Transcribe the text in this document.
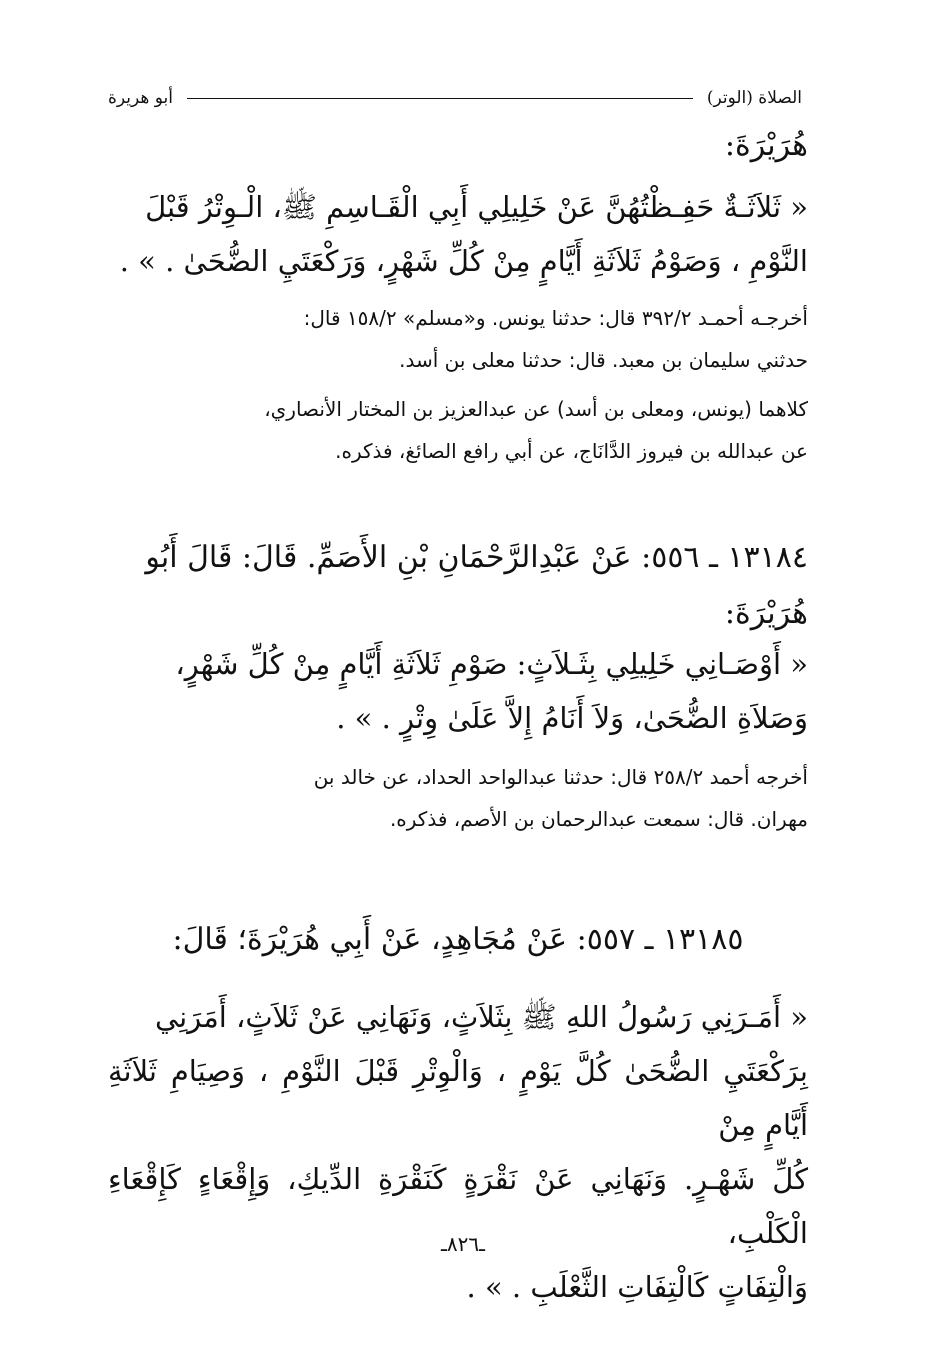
الصلاة (الوتر)
أبو هريرة
هُرَيْرَةَ:
« ثَلاَثَـةٌ حَفِـظْتُهُنَّ عَنْ خَلِيلِي أَبِي الْقَـاسِمِ ﷺ، الْـوِتْرُ قَبْلَ
النَّوْمِ ، وَصَوْمُ ثَلاَثَةِ أَيَّامٍ مِنْ كُلِّ شَهْرٍ، وَرَكْعَتَيِ الضُّحَىٰ . » .
أخرجـه أحمـد ٣٩٢/٢ قال: حدثنا يونس. و«مسلم» ١٥٨/٢ قال:
حدثني سليمان بن معبد. قال: حدثنا معلى بن أسد.
كلاهما (يونس، ومعلى بن أسد) عن عبدالعزيز بن المختار الأنصاري،
عن عبدالله بن فيروز الدَّانَاج، عن أبي رافع الصائغ، فذكره.
١٣١٨٤ ـ ٥٥٦: عَنْ عَبْدِالرَّحْمَانِ بْنِ الأَصَمِّ. قَالَ: قَالَ أَبُو
هُرَيْرَةَ:
« أَوْصَـانِي خَلِيلِي بِثَـلاَثٍ: صَوْمِ ثَلاَثَةِ أَيَّامٍ مِنْ كُلِّ شَهْرٍ،
وَصَلاَةِ الضُّحَىٰ، وَلاَ أَنَامُ إِلاَّ عَلَىٰ وِتْرٍ . » .
أخرجه أحمد ٢٥٨/٢ قال: حدثنا عبدالواحد الحداد، عن خالد بن
مهران. قال: سمعت عبدالرحمان بن الأصم، فذكره.
١٣١٨٥ ـ ٥٥٧: عَنْ مُجَاهِدٍ، عَنْ أَبِي هُرَيْرَةَ؛ قَالَ:
« أَمَـرَنِي رَسُولُ اللهِ ﷺ بِثَلاَثٍ، وَنَهَانِي عَنْ ثَلاَثٍ، أَمَرَنِي
بِرَكْعَتَيِ الضُّحَىٰ كُلَّ يَوْمٍ ، وَالْوِتْرِ قَبْلَ النَّوْمِ ، وَصِيَامِ ثَلاَثَةِ أَيَّامٍ مِنْ
كُلِّ شَهْـرٍ. وَنَهَانِي عَنْ نَقْرَةٍ كَنَقْرَةِ الدِّيكِ، وَإِقْعَاءٍ كَإِقْعَاءِ الْكَلْبِ،
وَالْتِفَاتٍ كَالْتِفَاتِ الثَّعْلَبِ . » .
ـ٨٢٦ـ
